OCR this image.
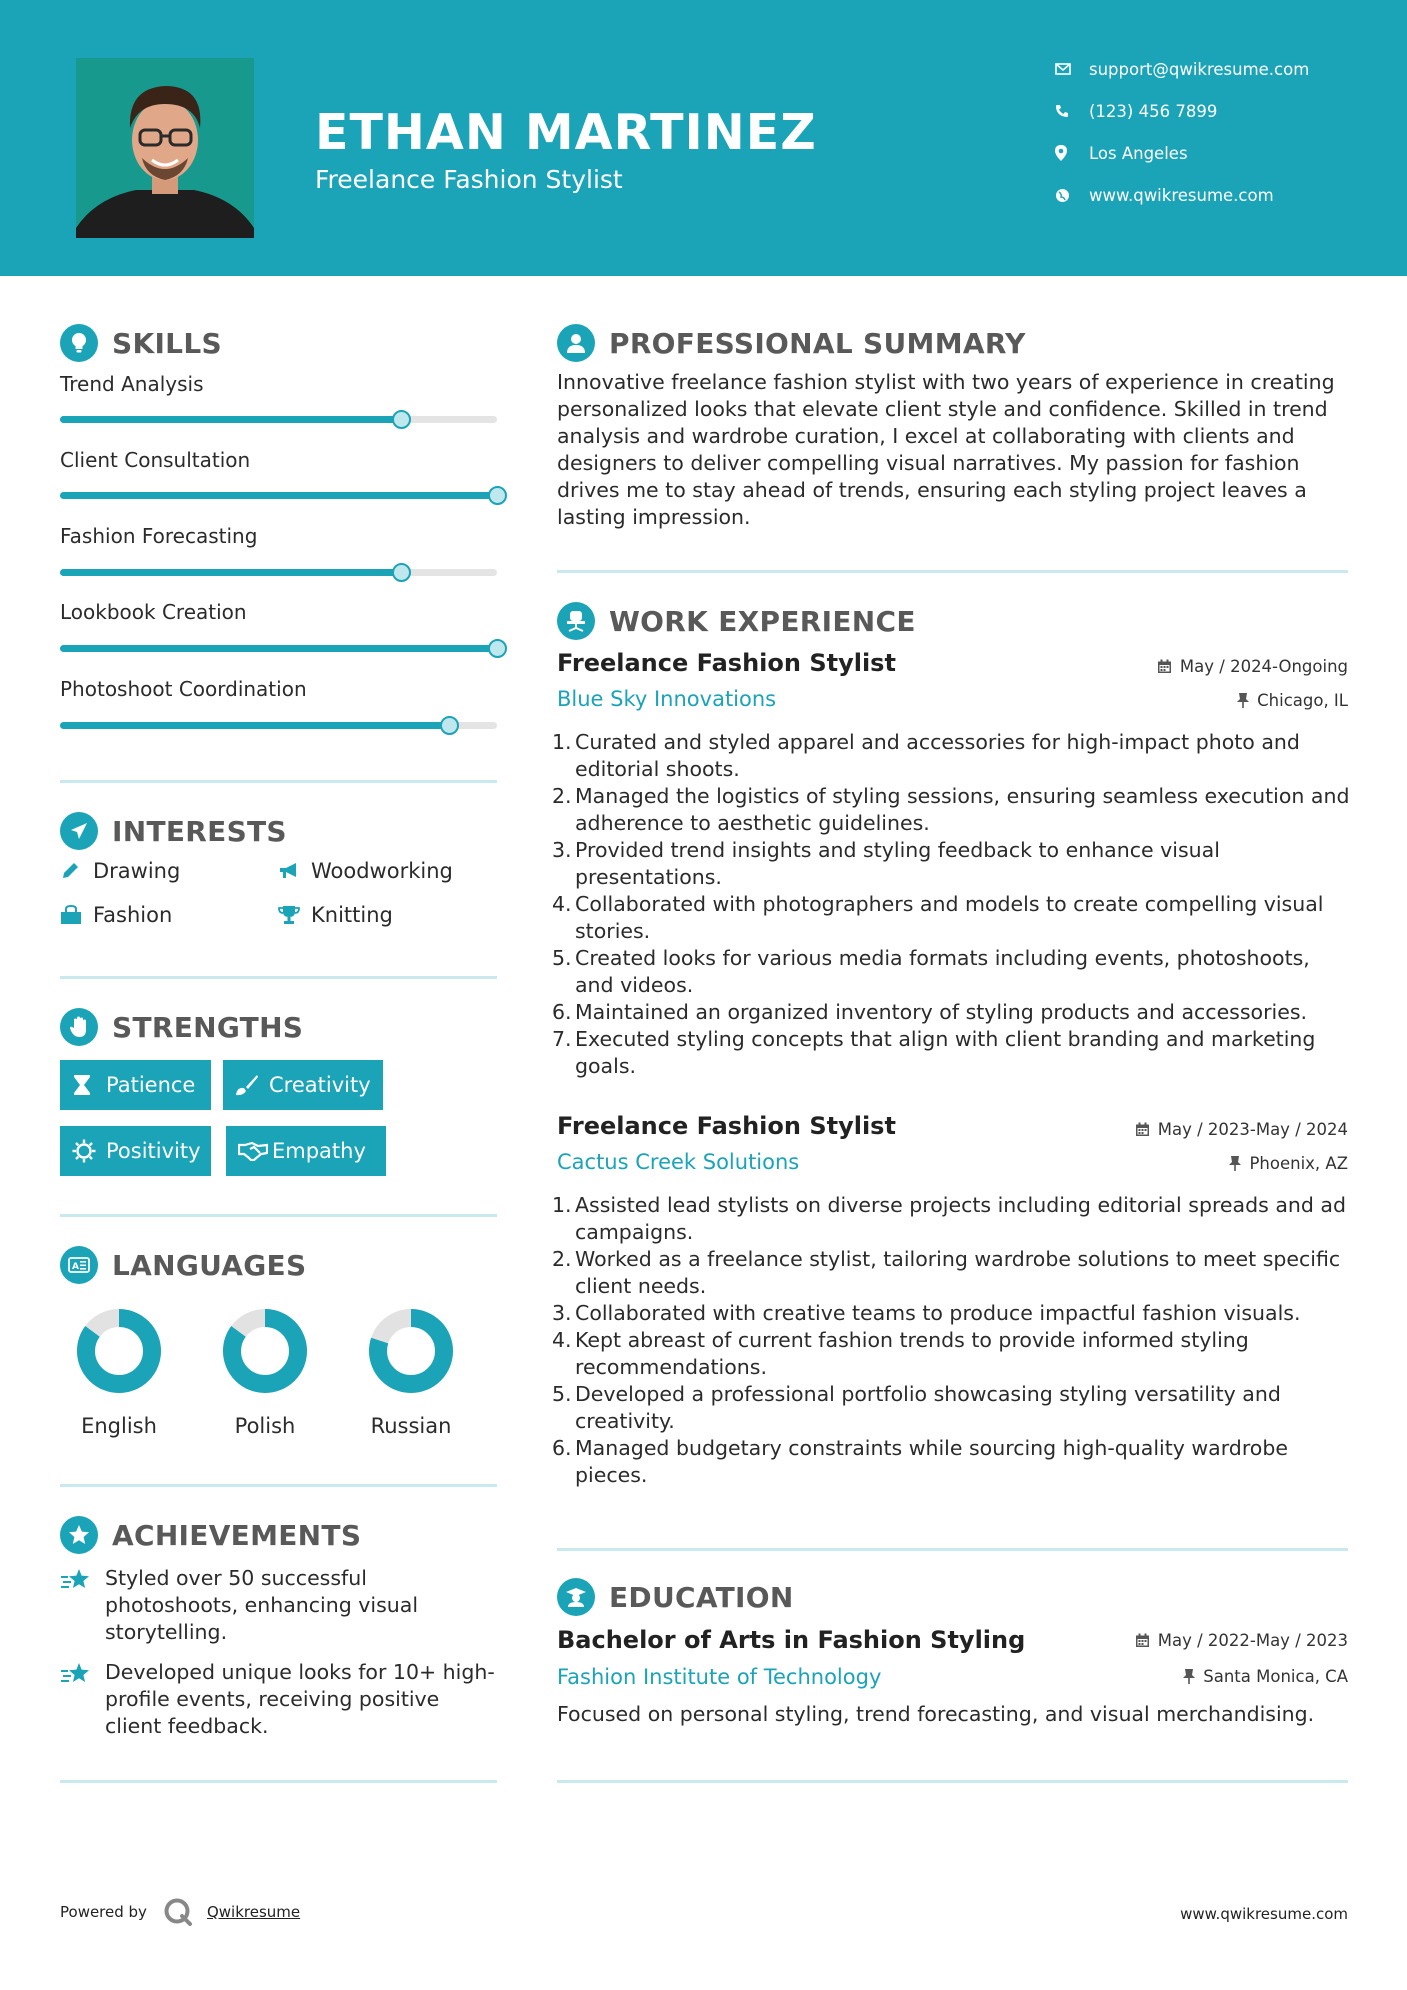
ETHAN MARTINEZ
Freelance Fashion Stylist
support@qwikresume.com
(123) 456 7899
Los Angeles
www.qwikresume.com
SKILLS
Trend Analysis
Client Consultation
Fashion Forecasting
Lookbook Creation
Photoshoot Coordination
INTERESTS
Drawing	Woodworking
Fashion	Knitting
STRENGTHS
Patience	Creativity
Positivity	Empathy
A LANGUAGES
English	Polish	Russian
ACHIEVEMENTS
Styled over 50 successful photoshoots, enhancing visual storytelling.
Developed unique looks for 10+ high-profile events, receiving positive client feedback.
PROFESSIONAL SUMMARY
Innovative freelance fashion stylist with two years of experience in creating personalized looks that elevate client style and confidence. Skilled in trend analysis and wardrobe curation, I excel at collaborating with clients and designers to deliver compelling visual narratives. My passion for fashion drives me to stay ahead of trends, ensuring each styling project leaves a lasting impression.
WORK EXPERIENCE
Freelance Fashion Stylist	May / 2024-Ongoing
Blue Sky Innovations	Chicago, IL
1. Curated and styled apparel and accessories for high-impact photo and editorial shoots.
2. Managed the logistics of styling sessions, ensuring seamless execution and adherence to aesthetic guidelines.
3. Provided trend insights and styling feedback to enhance visual presentations.
4. Collaborated with photographers and models to create compelling visual stories.
5. Created looks for various media formats including events, photoshoots, and videos.
6. Maintained an organized inventory of styling products and accessories.
7. Executed styling concepts that align with client branding and marketing goals.
Freelance Fashion Stylist	May / 2023-May / 2024
Cactus Creek Solutions	Phoenix, AZ
1. Assisted lead stylists on diverse projects including editorial spreads and ad campaigns.
2. Worked as a freelance stylist, tailoring wardrobe solutions to meet specific client needs.
3. Collaborated with creative teams to produce impactful fashion visuals.
4. Kept abreast of current fashion trends to provide informed styling recommendations.
5. Developed a professional portfolio showcasing styling versatility and creativity.
6. Managed budgetary constraints while sourcing high-quality wardrobe pieces.
EDUCATION
Bachelor of Arts in Fashion Styling	May / 2022-May / 2023
Fashion Institute of Technology	Santa Monica, CA
Focused on personal styling, trend forecasting, and visual merchandising.
Powered by	Qwikresume	www.qwikresume.com
